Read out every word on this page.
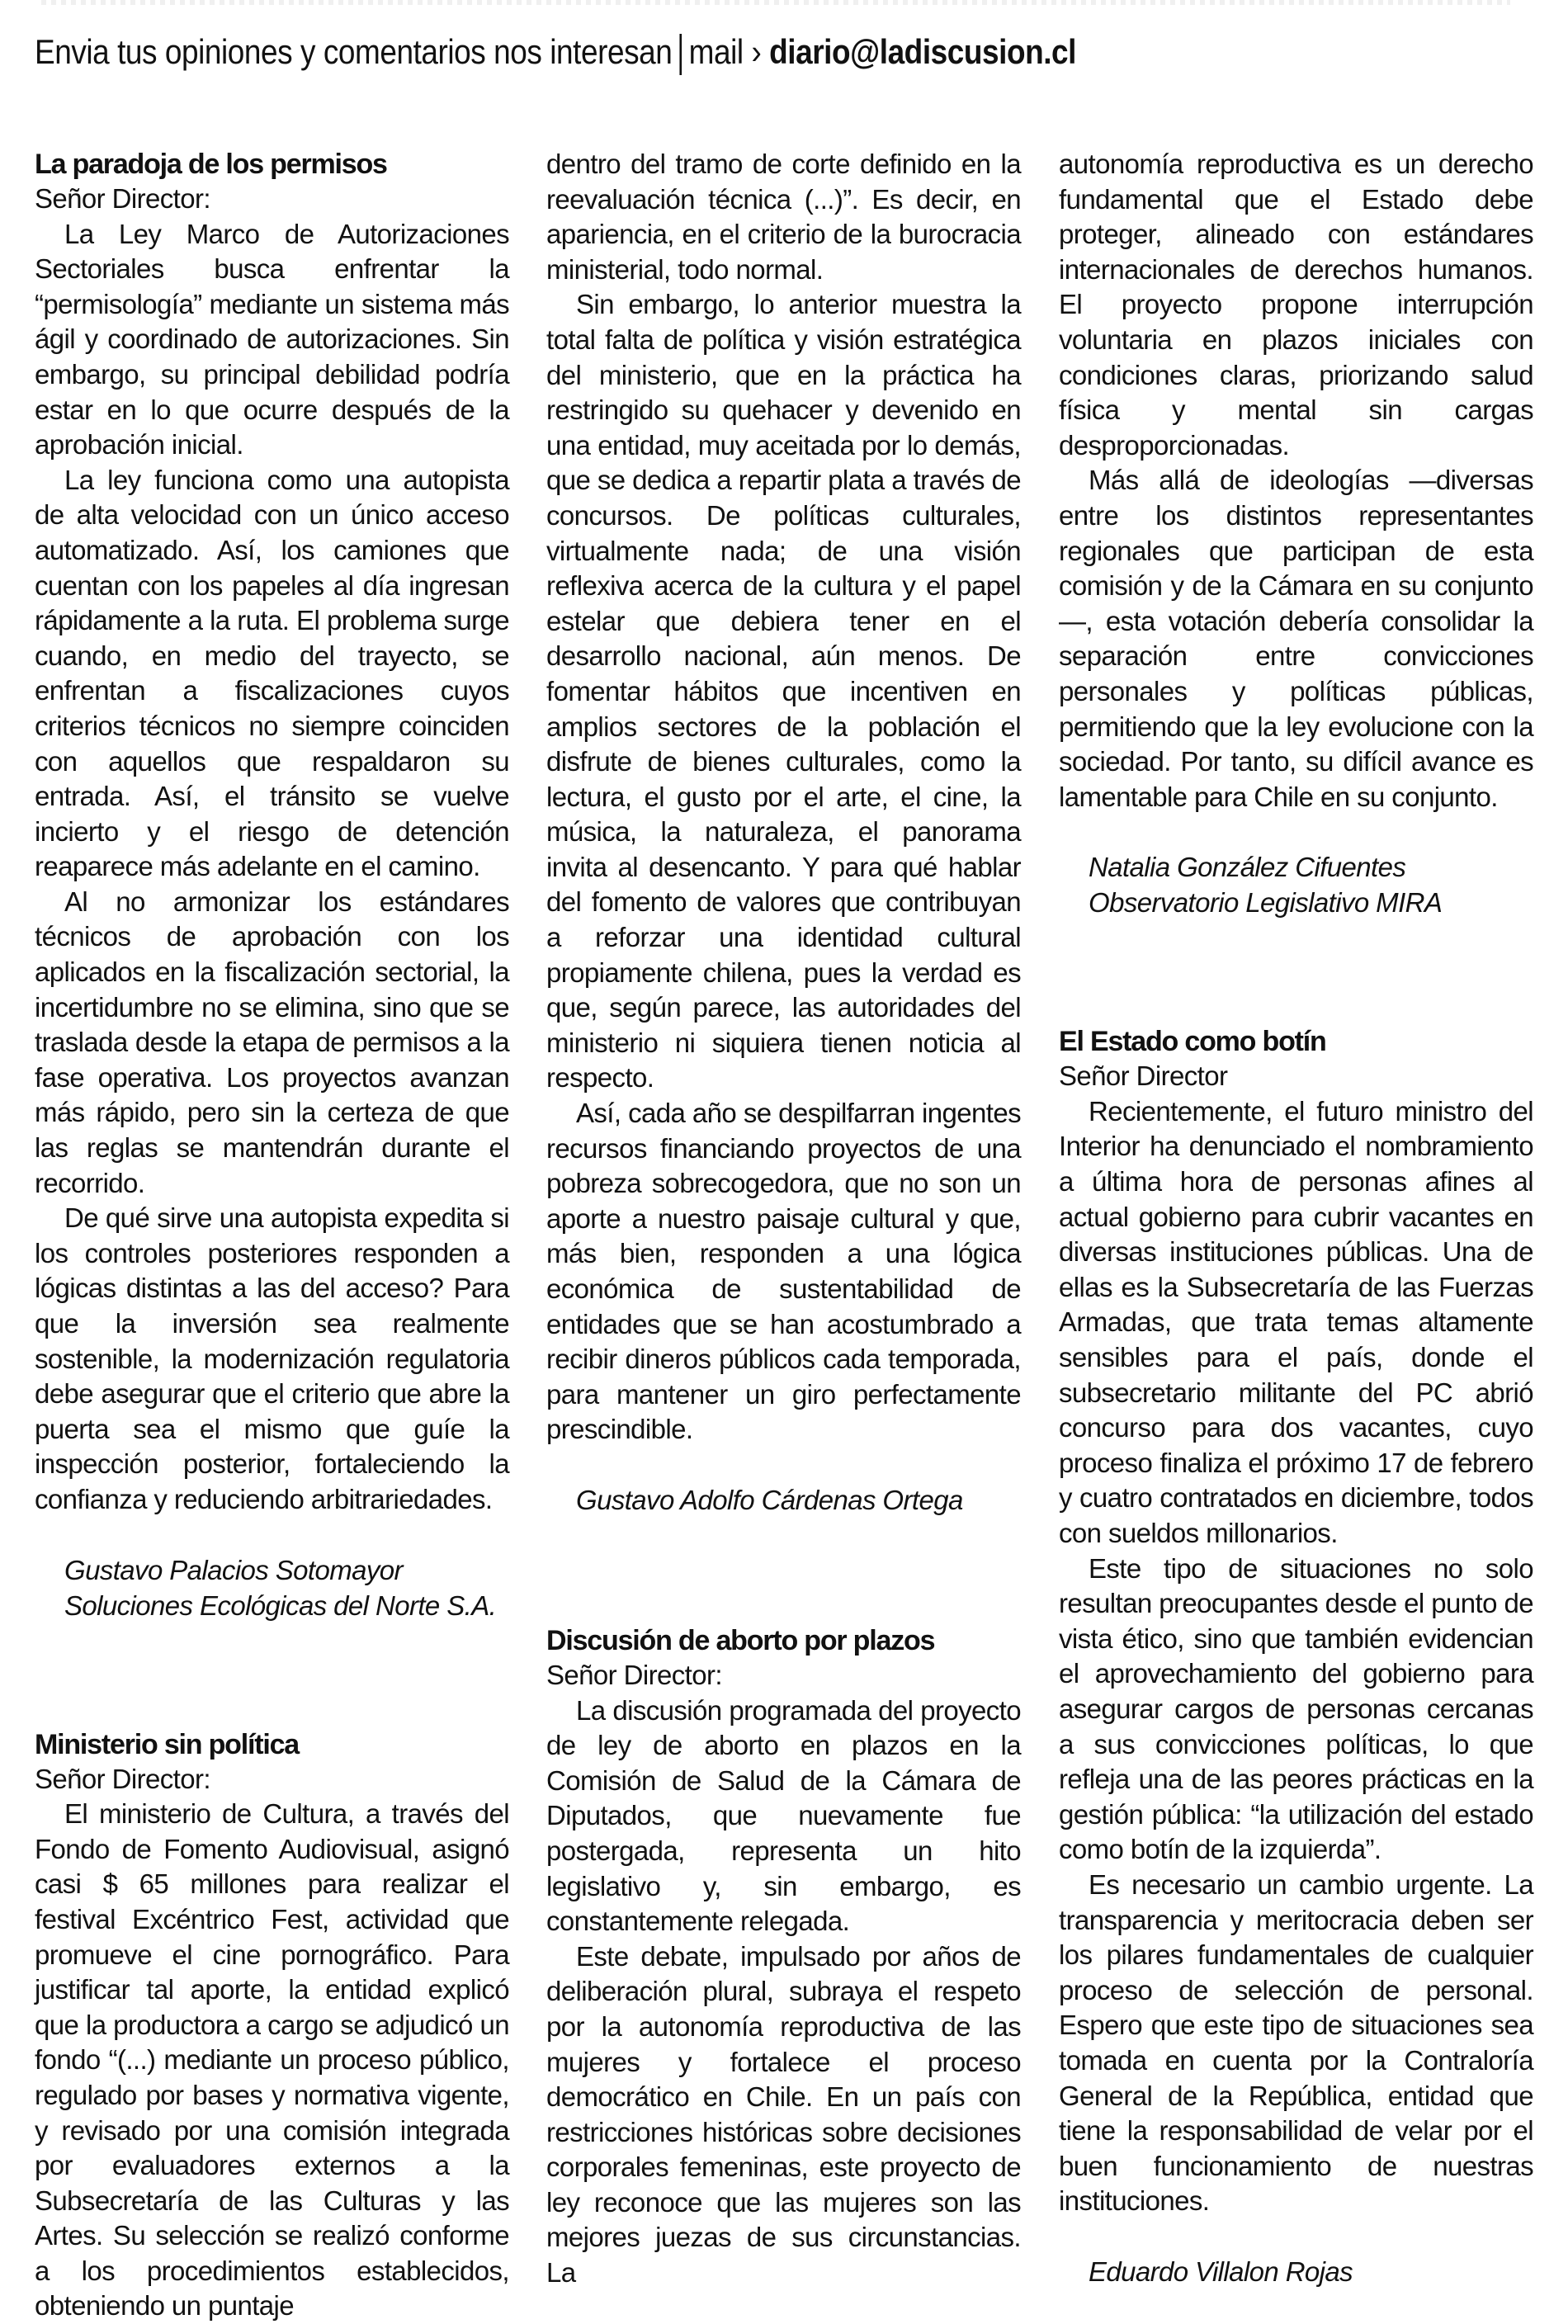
Envia tus opiniones y comentarios nos interesan mail › diario@ladiscusion.cl
La paradoja de los permisos

Señor Director:

La Ley Marco de Autorizaciones Sectoriales busca enfrentar la “permisología” mediante un sistema más ágil y coordinado de autorizaciones. Sin embargo, su principal debilidad podría estar en lo que ocurre después de la aprobación inicial.

La ley funciona como una autopista de alta velocidad con un único acceso automatizado. Así, los camiones que cuentan con los papeles al día ingresan rápidamente a la ruta. El problema surge cuando, en medio del trayecto, se enfrentan a fiscalizaciones cuyos criterios técnicos no siempre coinciden con aquellos que respaldaron su entrada. Así, el tránsito se vuelve incierto y el riesgo de detención reaparece más adelante en el camino.

Al no armonizar los estándares técnicos de aprobación con los aplicados en la fiscalización sectorial, la incertidumbre no se elimina, sino que se traslada desde la etapa de permisos a la fase operativa. Los proyectos avanzan más rápido, pero sin la certeza de que las reglas se mantendrán durante el recorrido.

De qué sirve una autopista expedita si los controles posteriores responden a lógicas distintas a las del acceso? Para que la inversión sea realmente sostenible, la modernización regulatoria debe asegurar que el criterio que abre la puerta sea el mismo que guíe la inspección posterior, fortaleciendo la confianza y reduciendo arbitrariedades.

Gustavo Palacios Sotomayor

Soluciones Ecológicas del Norte S.A.

Ministerio sin política

Señor Director:

El ministerio de Cultura, a través del Fondo de Fomento Audiovisual, asignó casi $ 65 millones para realizar el festival Excéntrico Fest, actividad que promueve el cine pornográfico. Para justificar tal aporte, la entidad explicó que la productora a cargo se adjudicó un fondo “(...) mediante un proceso público, regulado por bases y normativa vigente, y revisado por una comisión integrada por evaluadores externos a la Subsecretaría de las Culturas y las Artes. Su selección se realizó conforme a los procedimientos establecidos, obteniendo un puntaje

dentro del tramo de corte definido en la reevaluación técnica (...)”. Es decir, en apariencia, en el criterio de la burocracia ministerial, todo normal.

Sin embargo, lo anterior muestra la total falta de política y visión estratégica del ministerio, que en la práctica ha restringido su quehacer y devenido en una entidad, muy aceitada por lo demás, que se dedica a repartir plata a través de concursos. De políticas culturales, virtualmente nada; de una visión reflexiva acerca de la cultura y el papel estelar que debiera tener en el desarrollo nacional, aún menos. De fomentar hábitos que incentiven en amplios sectores de la población el disfrute de bienes culturales, como la lectura, el gusto por el arte, el cine, la música, la naturaleza, el panorama invita al desencanto. Y para qué hablar del fomento de valores que contribuyan a reforzar una identidad cultural propiamente chilena, pues la verdad es que, según parece, las autoridades del ministerio ni siquiera tienen noticia al respecto.

Así, cada año se despilfarran ingentes recursos financiando proyectos de una pobreza sobrecogedora, que no son un aporte a nuestro paisaje cultural y que, más bien, responden a una lógica económica de sustentabilidad de entidades que se han acostumbrado a recibir dineros públicos cada temporada, para mantener un giro perfectamente prescindible.

Gustavo Adolfo Cárdenas Ortega

Discusión de aborto por plazos

Señor Director:

La discusión programada del proyecto de ley de aborto en plazos en la Comisión de Salud de la Cámara de Diputados, que nuevamente fue postergada, representa un hito legislativo y, sin embargo, es constantemente relegada.

Este debate, impulsado por años de deliberación plural, subraya el respeto por la autonomía reproductiva de las mujeres y fortalece el proceso democrático en Chile. En un país con restricciones históricas sobre decisiones corporales femeninas, este proyecto de ley reconoce que las mujeres son las mejores juezas de sus circunstancias. La

autonomía reproductiva es un derecho fundamental que el Estado debe proteger, alineado con estándares internacionales de derechos humanos. El proyecto propone interrupción voluntaria en plazos iniciales con condiciones claras, priorizando salud física y mental sin cargas desproporcionadas.

Más allá de ideologías —diversas entre los distintos representantes regionales que participan de esta comisión y de la Cámara en su conjunto—, esta votación debería consolidar la separación entre convicciones personales y políticas públicas, permitiendo que la ley evolucione con la sociedad. Por tanto, su difícil avance es lamentable para Chile en su conjunto.

Natalia González Cifuentes

Observatorio Legislativo MIRA

El Estado como botín

Señor Director

Recientemente, el futuro ministro del Interior ha denunciado el nombramiento a última hora de personas afines al actual gobierno para cubrir vacantes en diversas instituciones públicas. Una de ellas es la Subsecretaría de las Fuerzas Armadas, que trata temas altamente sensibles para el país, donde el subsecretario militante del PC abrió concurso para dos vacantes, cuyo proceso finaliza el próximo 17 de febrero y cuatro contratados en diciembre, todos con sueldos millonarios.

Este tipo de situaciones no solo resultan preocupantes desde el punto de vista ético, sino que también evidencian el aprovechamiento del gobierno para asegurar cargos de personas cercanas a sus convicciones políticas, lo que refleja una de las peores prácticas en la gestión pública: “la utilización del estado como botín de la izquierda”.

Es necesario un cambio urgente. La transparencia y meritocracia deben ser los pilares fundamentales de cualquier proceso de selección de personal. Espero que este tipo de situaciones sea tomada en cuenta por la Contraloría General de la República, entidad que tiene la responsabilidad de velar por el buen funcionamiento de nuestras instituciones.

Eduardo Villalon Rojas
